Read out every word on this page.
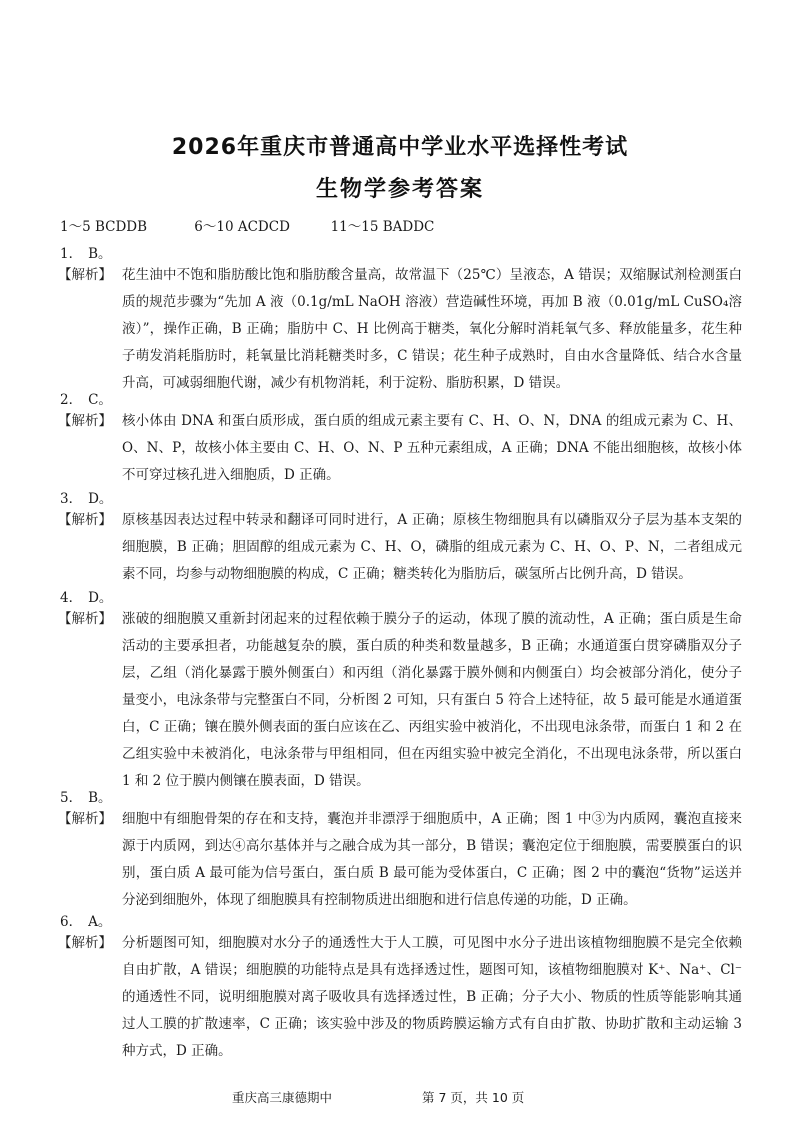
2026年重庆市普通高中学业水平选择性考试
生物学参考答案
1～5 BCDDB	6～10 ACDCD	11～15 BADDC
1． B。
【解析】 花生油中不饱和脂肪酸比饱和脂肪酸含量高，故常温下（25℃）呈液态，A 错误；双缩脲试剂检测蛋白质的规范步骤为“先加 A 液（0.1g/mL NaOH 溶液）营造碱性环境，再加 B 液（0.01g/mL CuSO₄溶液）”，操作正确，B 正确；脂肪中 C、H 比例高于糖类，氧化分解时消耗氧气多、释放能量多，花生种子萌发消耗脂肪时，耗氧量比消耗糖类时多，C 错误；花生种子成熟时，自由水含量降低、结合水含量升高，可减弱细胞代谢，减少有机物消耗，利于淀粉、脂肪积累，D 错误。
2． C。
【解析】 核小体由 DNA 和蛋白质形成，蛋白质的组成元素主要有 C、H、O、N，DNA 的组成元素为 C、H、O、N、P，故核小体主要由 C、H、O、N、P 五种元素组成，A 正确；DNA 不能出细胞核，故核小体不可穿过核孔进入细胞质，D 正确。
3． D。
【解析】 原核基因表达过程中转录和翻译可同时进行，A 正确；原核生物细胞具有以磷脂双分子层为基本支架的细胞膜，B 正确；胆固醇的组成元素为 C、H、O，磷脂的组成元素为 C、H、O、P、N，二者组成元素不同，均参与动物细胞膜的构成，C 正确；糖类转化为脂肪后，碳氢所占比例升高，D 错误。
4． D。
【解析】 涨破的细胞膜又重新封闭起来的过程依赖于膜分子的运动，体现了膜的流动性，A 正确；蛋白质是生命活动的主要承担者，功能越复杂的膜，蛋白质的种类和数量越多，B 正确；水通道蛋白贯穿磷脂双分子层，乙组（消化暴露于膜外侧蛋白）和丙组（消化暴露于膜外侧和内侧蛋白）均会被部分消化，使分子量变小，电泳条带与完整蛋白不同，分析图 2 可知，只有蛋白 5 符合上述特征，故 5 最可能是水通道蛋白，C 正确；镶在膜外侧表面的蛋白应该在乙、丙组实验中被消化，不出现电泳条带，而蛋白 1 和 2 在乙组实验中未被消化，电泳条带与甲组相同，但在丙组实验中被完全消化，不出现电泳条带，所以蛋白 1 和 2 位于膜内侧镶在膜表面，D 错误。
5． B。
【解析】 细胞中有细胞骨架的存在和支持，囊泡并非漂浮于细胞质中，A 正确；图 1 中③为内质网，囊泡直接来源于内质网，到达④高尔基体并与之融合成为其一部分，B 错误；囊泡定位于细胞膜，需要膜蛋白的识别，蛋白质 A 最可能为信号蛋白，蛋白质 B 最可能为受体蛋白，C 正确；图 2 中的囊泡“货物”运送并分泌到细胞外，体现了细胞膜具有控制物质进出细胞和进行信息传递的功能，D 正确。
6． A。
【解析】 分析题图可知，细胞膜对水分子的通透性大于人工膜，可见图中水分子进出该植物细胞膜不是完全依赖自由扩散，A 错误；细胞膜的功能特点是具有选择透过性，题图可知，该植物细胞膜对 K⁺、Na⁺、Cl⁻的通透性不同，说明细胞膜对离子吸收具有选择透过性，B 正确；分子大小、物质的性质等能影响其通过人工膜的扩散速率，C 正确；该实验中涉及的物质跨膜运输方式有自由扩散、协助扩散和主动运输 3 种方式，D 正确。
重庆高三康德期中	第 7 页，共 10 页
